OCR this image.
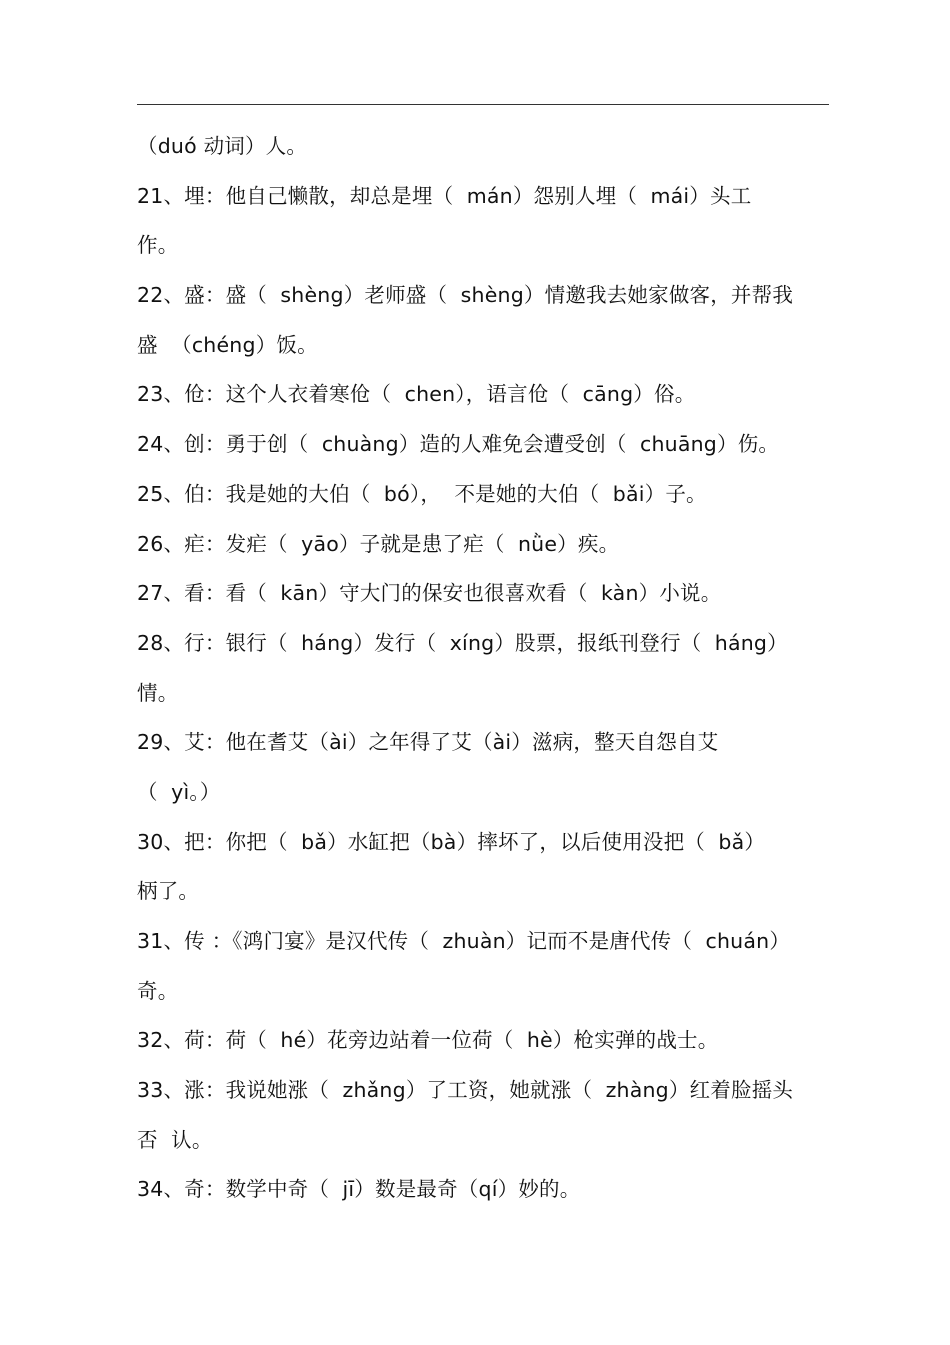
（duó 动词）人。
21、埋：他自己懒散，却总是埋（  mán）怨别人埋（  mái）头工
作。
22、盛：盛（  shèng）老师盛（  shèng）情邀我去她家做客，并帮我
盛  （chéng）饭。
23、伧：这个人衣着寒伧（  chen），语言伧（  cāng）俗。
24、创：勇于创（  chuàng）造的人难免会遭受创（  chuāng）伤。
25、伯：我是她的大伯（  bó），  不是她的大伯（  bǎi）子。
26、疟：发疟（  yāo）子就是患了疟（  nǜe）疾。
27、看：看（  kān）守大门的保安也很喜欢看（  kàn）小说。
28、行：银行（  háng）发行（  xíng）股票，报纸刊登行（  háng）
情。
29、艾：他在耆艾（ài）之年得了艾（ài）滋病，整天自怨自艾
（  yì。）
30、把：你把（  bǎ）水缸把（bà）摔坏了，以后使用没把（  bǎ）
柄了。
31、传 ：《鸿门宴》是汉代传（  zhuàn）记而不是唐代传（  chuán）
奇。
32、荷：荷（  hé）花旁边站着一位荷（  hè）枪实弹的战士。
33、涨：我说她涨（  zhǎng）了工资，她就涨（  zhàng）红着脸摇头
否  认。
34、奇：数学中奇（  jī）数是最奇（qí）妙的。
